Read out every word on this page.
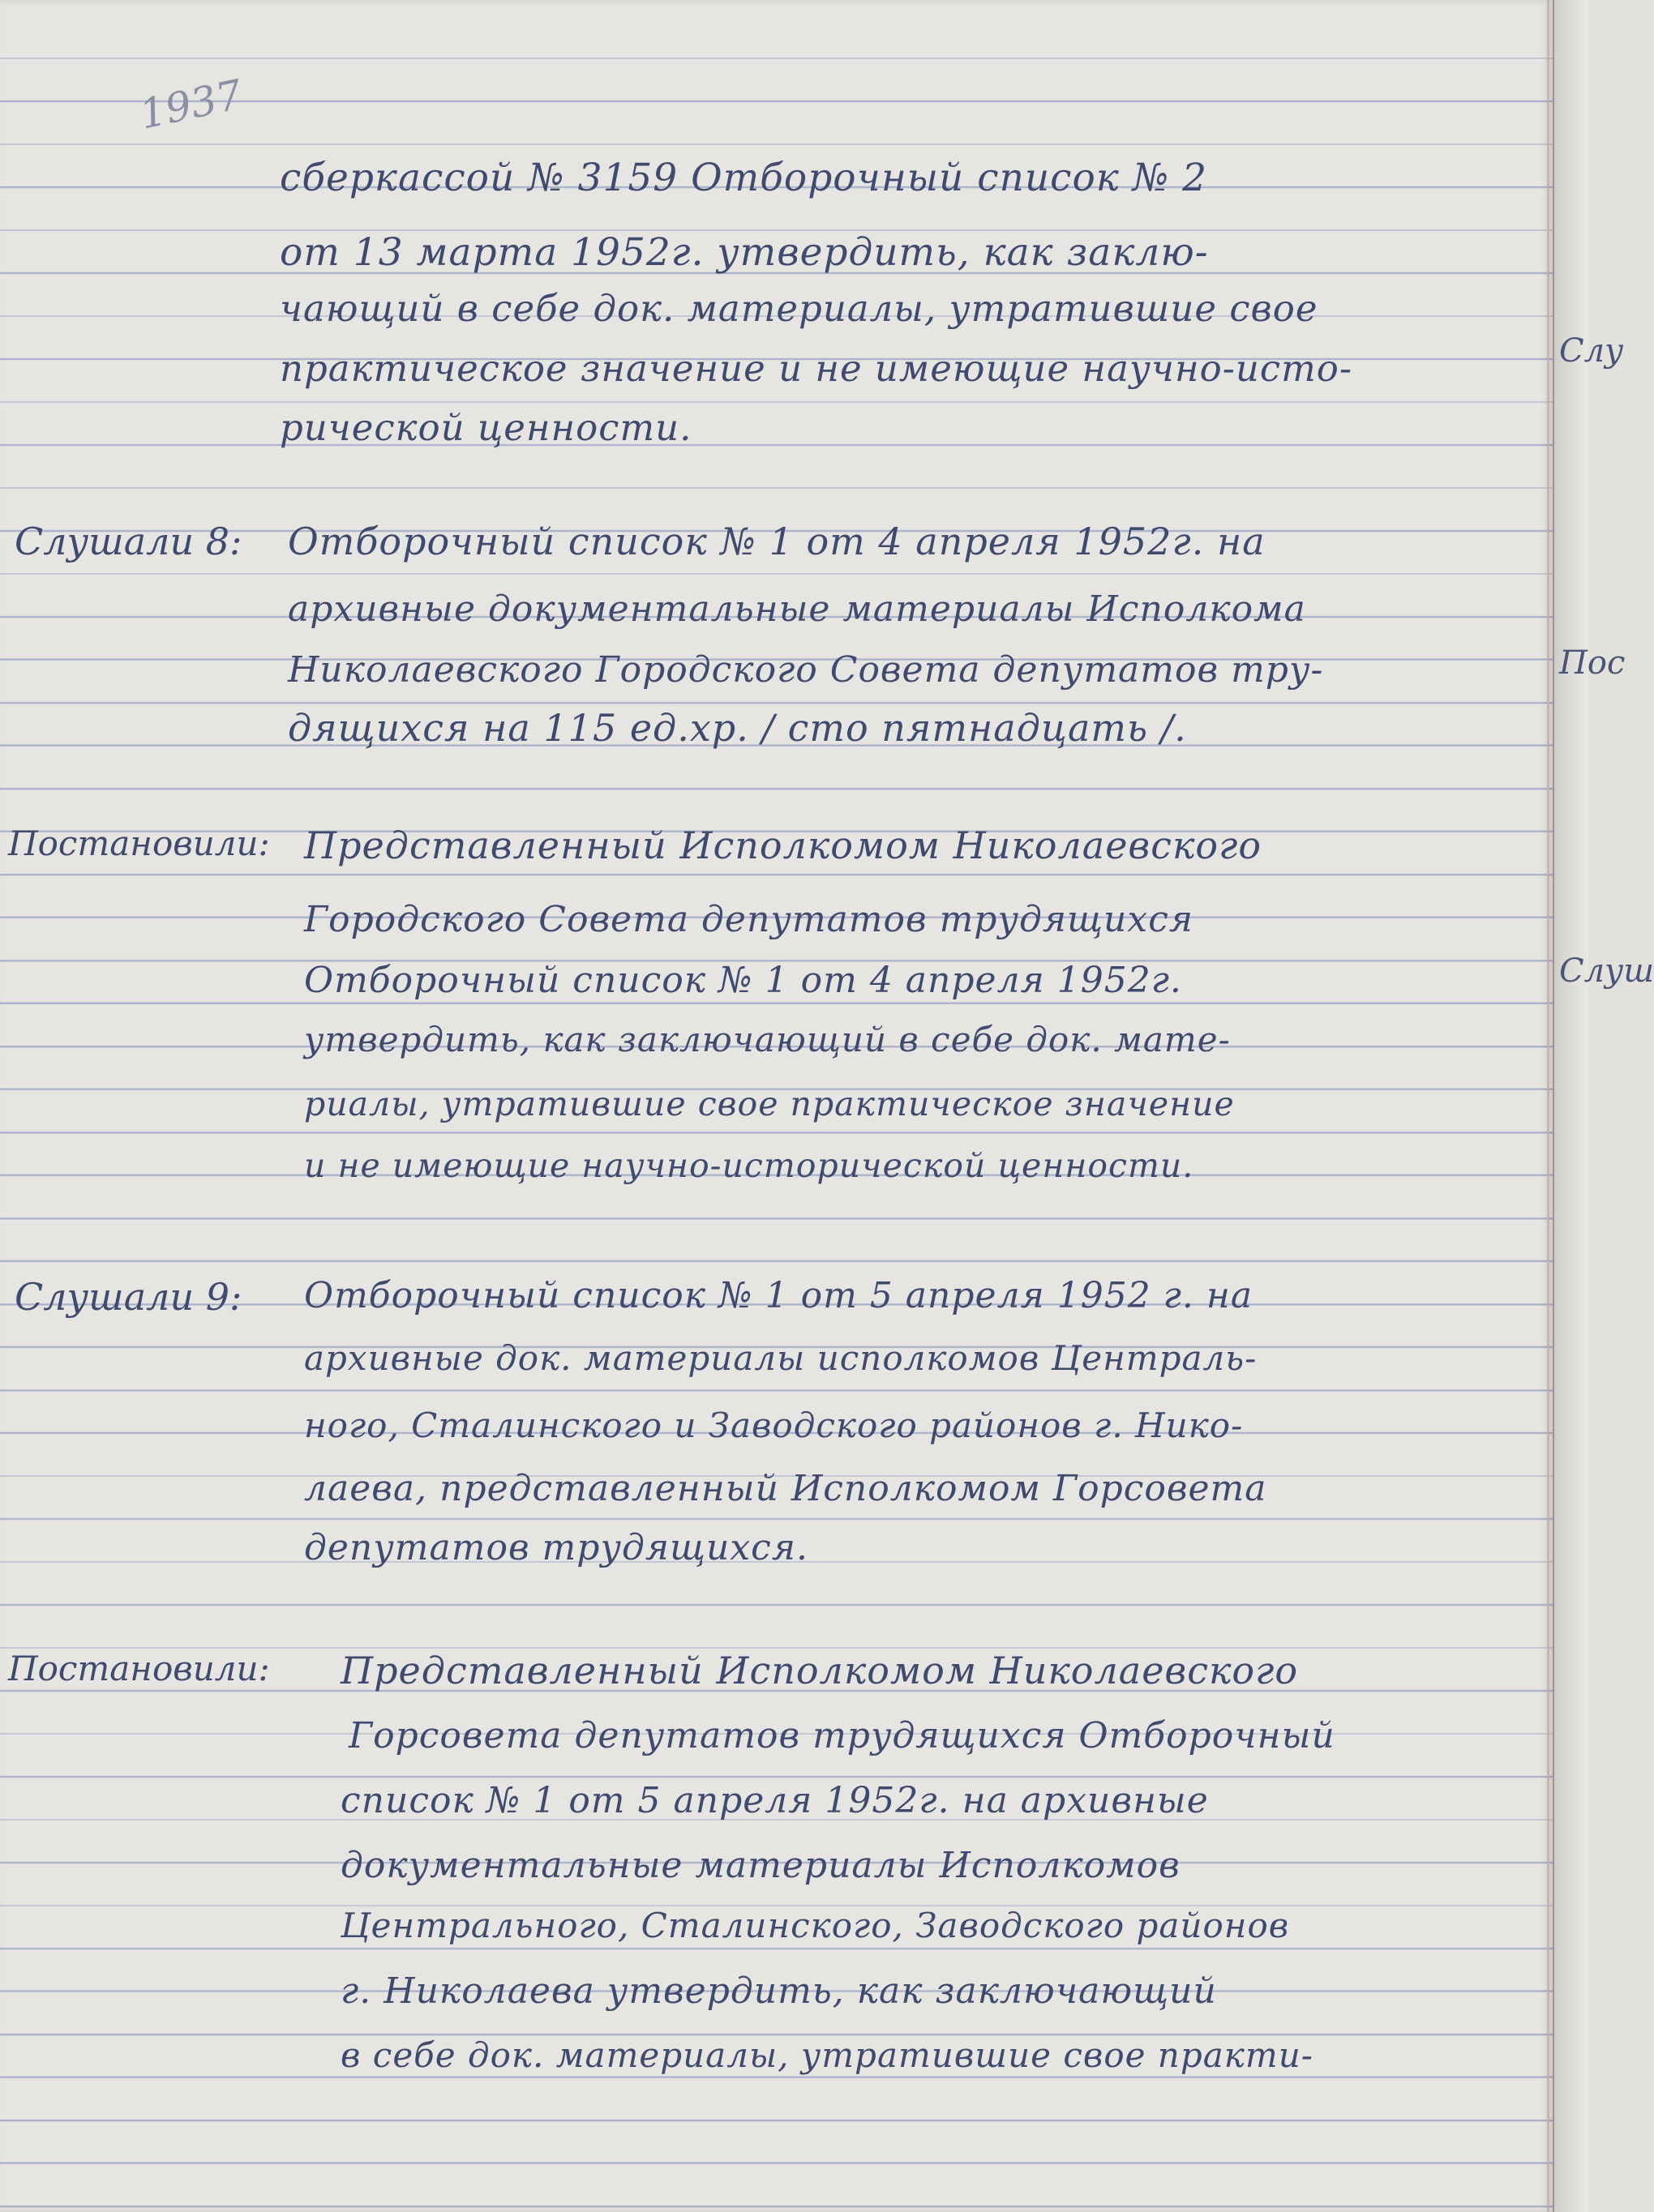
1937
сберкассой № 3159 Отборочный список № 2
от 13 марта 1952г. утвердить, как заклю-
чающий в себе док. материалы, утратившие свое
практическое значение и не имеющие научно-исто-
рической ценности.
Слушали 8: Отборочный список № 1 от 4 апреля 1952г. на
архивные документальные материалы Исполкома
Николаевского Городского Совета депутатов тру-
дящихся на 115 ед.хр. / сто пятнадцать /.
Постановили: Представленный Исполкомом Николаевского
Городского Совета депутатов трудящихся
Отборочный список № 1 от 4 апреля 1952г.
утвердить, как заключающий в себе док. мате-
риалы, утратившие свое практическое значение
и не имеющие научно-исторической ценности.
Слушали 9: Отборочный список № 1 от 5 апреля 1952 г. на
архивные док. материалы исполкомов Централь-
ного, Сталинского и Заводского районов г. Нико-
лаева, представленный Исполкомом Горсовета
депутатов трудящихся.
Постановили: Представленный Исполкомом Николаевского
Горсовета депутатов трудящихся Отборочный
список № 1 от 5 апреля 1952г. на архивные
документальные материалы Исполкомов
Центрального, Сталинского, Заводского районов
г. Николаева утвердить, как заключающий
в себе док. материалы, утратившие свое практи-
Слу
Пос
Слуш
